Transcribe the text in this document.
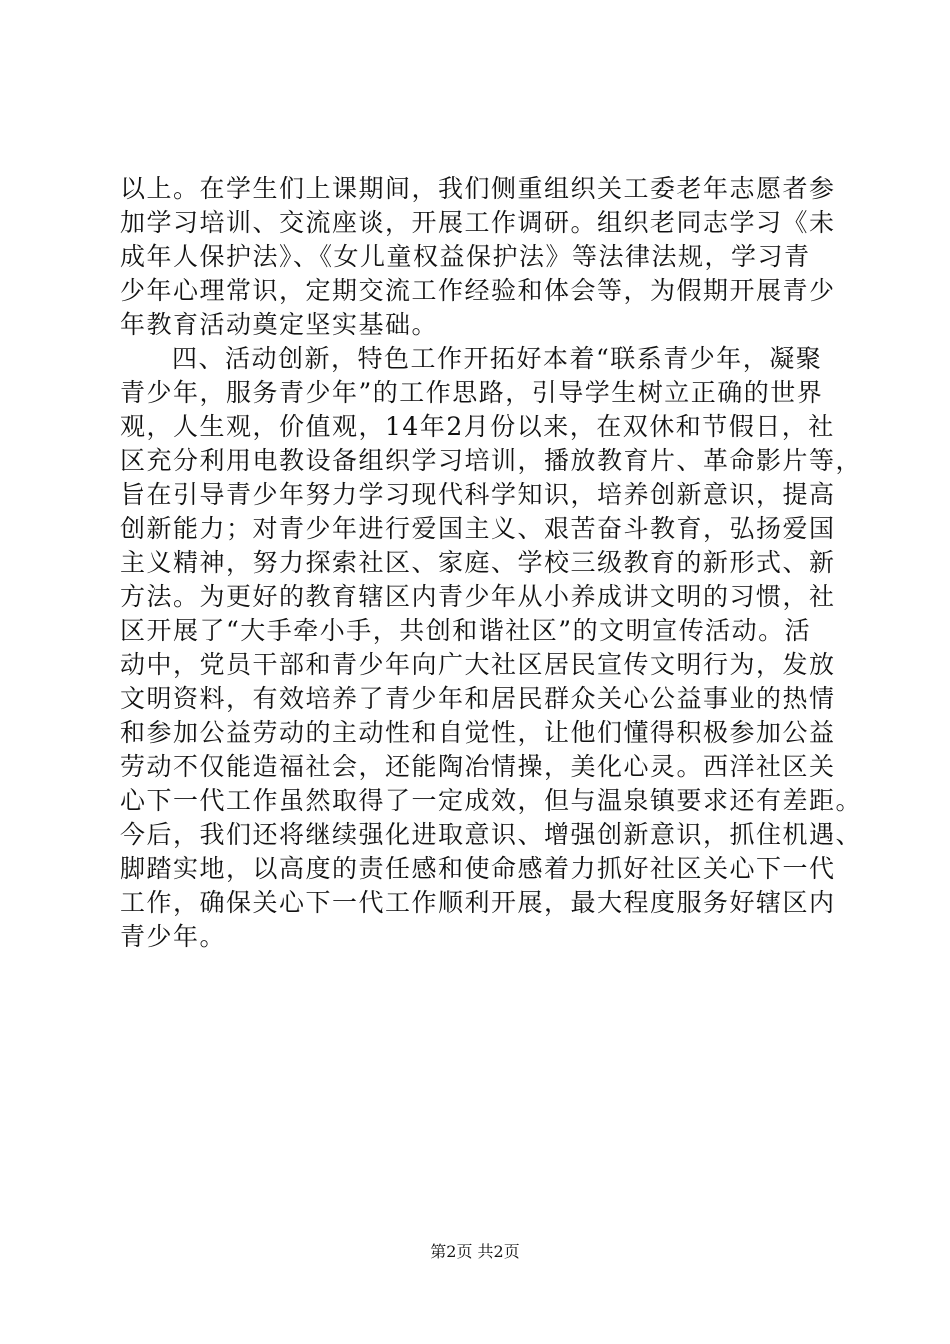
以上。在学生们上课期间，我们侧重组织关工委老年志愿者参
加学习培训、交流座谈，开展工作调研。组织老同志学习《未
成年人保护法》、《女儿童权益保护法》等法律法规，学习青
少年心理常识，定期交流工作经验和体会等，为假期开展青少
年教育活动奠定坚实基础。
四、活动创新，特色工作开拓好本着“联系青少年，凝聚
青少年，服务青少年”的工作思路，引导学生树立正确的世界
观，人生观，价值观，14年2月份以来，在双休和节假日，社
区充分利用电教设备组织学习培训，播放教育片、革命影片等，
旨在引导青少年努力学习现代科学知识，培养创新意识，提高
创新能力；对青少年进行爱国主义、艰苦奋斗教育，弘扬爱国
主义精神，努力探索社区、家庭、学校三级教育的新形式、新
方法。为更好的教育辖区内青少年从小养成讲文明的习惯，社
区开展了“大手牵小手，共创和谐社区”的文明宣传活动。活
动中，党员干部和青少年向广大社区居民宣传文明行为，发放
文明资料，有效培养了青少年和居民群众关心公益事业的热情
和参加公益劳动的主动性和自觉性，让他们懂得积极参加公益
劳动不仅能造福社会，还能陶冶情操，美化心灵。西洋社区关
心下一代工作虽然取得了一定成效，但与温泉镇要求还有差距。
今后，我们还将继续强化进取意识、增强创新意识，抓住机遇、
脚踏实地，以高度的责任感和使命感着力抓好社区关心下一代
工作，确保关心下一代工作顺利开展，最大程度服务好辖区内
青少年。
第2页 共2页
